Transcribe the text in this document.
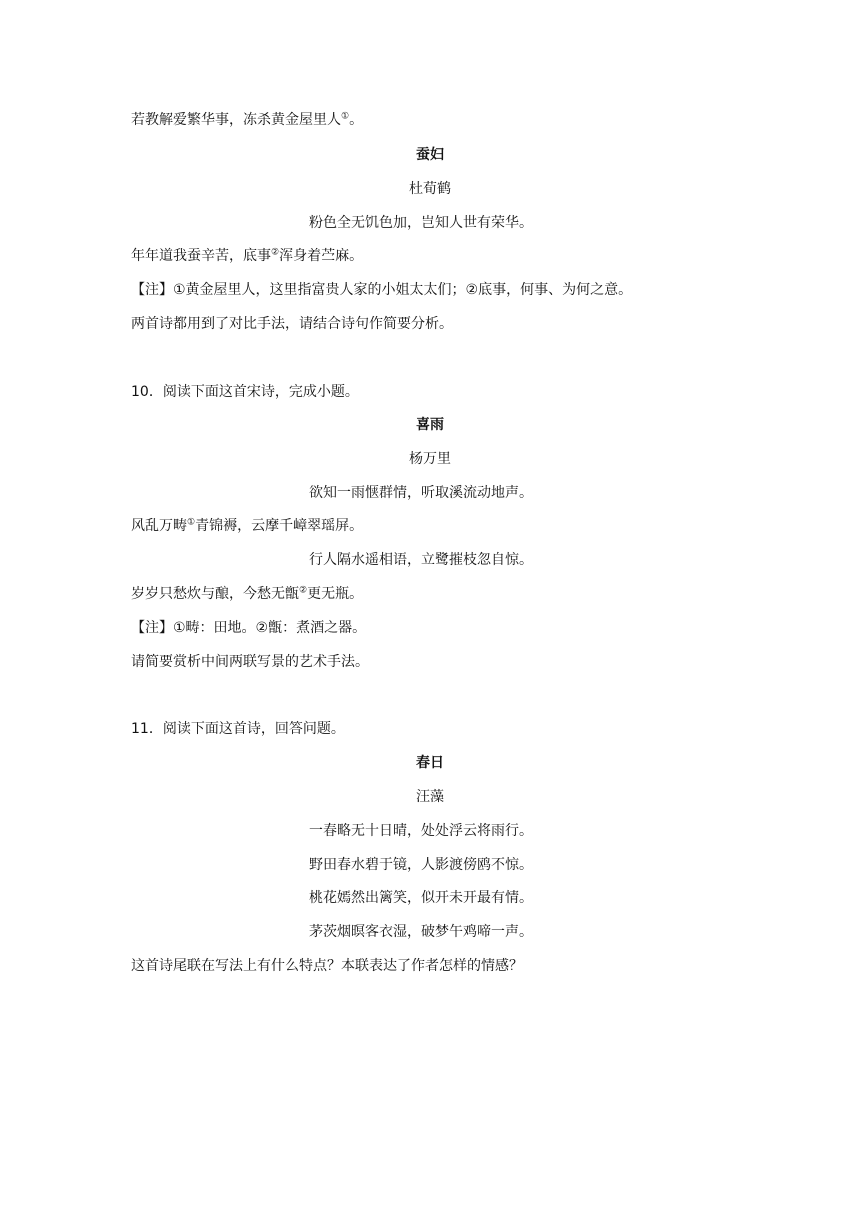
若教解爱繁华事，冻杀黄金屋里人①。
蚕妇
杜荀鹤
粉色全无饥色加，岂知人世有荣华。
年年道我蚕辛苦，底事②浑身着苎麻。
【注】①黄金屋里人，这里指富贵人家的小姐太太们；②底事，何事、为何之意。
两首诗都用到了对比手法，请结合诗句作简要分析。
10．阅读下面这首宋诗，完成小题。
喜雨
杨万里
欲知一雨惬群情，听取溪流动地声。
风乱万畴①青锦褥，云摩千嶂翠瑶屏。
行人隔水遥相语，立鹭摧枝忽自惊。
岁岁只愁炊与酿，今愁无甑②更无瓶。
【注】①畴：田地。②甑：煮酒之器。
请简要赏析中间两联写景的艺术手法。
11．阅读下面这首诗，回答问题。
春日
汪藻
一春略无十日晴，处处浮云将雨行。
野田春水碧于镜，人影渡傍鸥不惊。
桃花嫣然出篱笑，似开未开最有情。
茅茨烟暝客衣湿，破梦午鸡啼一声。
这首诗尾联在写法上有什么特点？本联表达了作者怎样的情感？
